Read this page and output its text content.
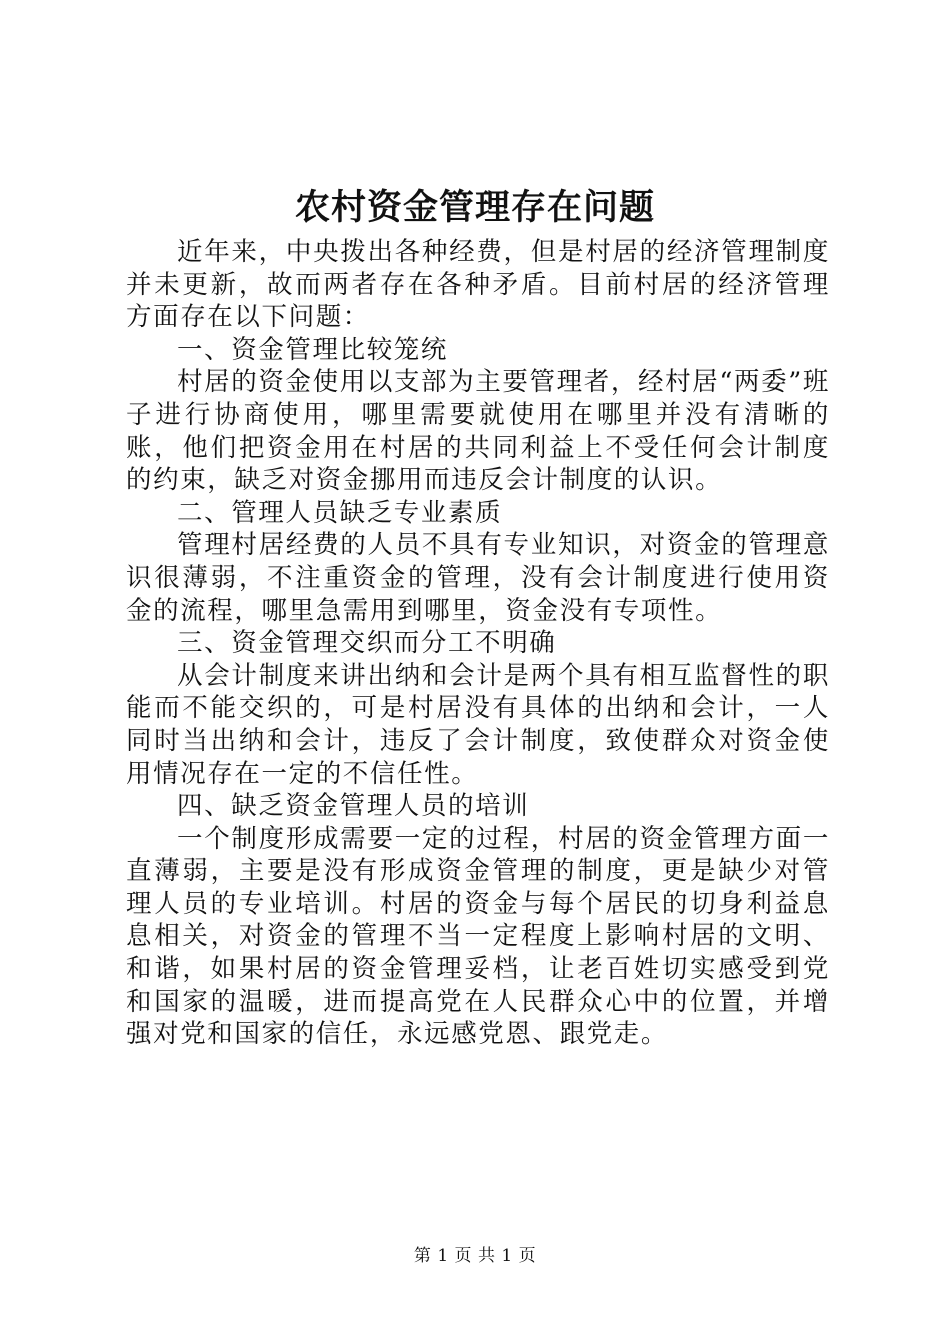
农村资金管理存在问题

近年来，中央拨出各种经费，但是村居的经济管理制度并未更新，故而两者存在各种矛盾。目前村居的经济管理方面存在以下问题：

一、资金管理比较笼统

村居的资金使用以支部为主要管理者，经村居“两委”班子进行协商使用，哪里需要就使用在哪里并没有清晰的账，他们把资金用在村居的共同利益上不受任何会计制度的约束，缺乏对资金挪用而违反会计制度的认识。

二、管理人员缺乏专业素质

管理村居经费的人员不具有专业知识，对资金的管理意识很薄弱，不注重资金的管理，没有会计制度进行使用资金的流程，哪里急需用到哪里，资金没有专项性。

三、资金管理交织而分工不明确

从会计制度来讲出纳和会计是两个具有相互监督性的职能而不能交织的，可是村居没有具体的出纳和会计，一人同时当出纳和会计，违反了会计制度，致使群众对资金使用情况存在一定的不信任性。

四、缺乏资金管理人员的培训

一个制度形成需要一定的过程，村居的资金管理方面一直薄弱，主要是没有形成资金管理的制度，更是缺少对管理人员的专业培训。村居的资金与每个居民的切身利益息息相关，对资金的管理不当一定程度上影响村居的文明、和谐，如果村居的资金管理妥档，让老百姓切实感受到党和国家的温暖，进而提高党在人民群众心中的位置，并增强对党和国家的信任，永远感党恩、跟党走。

第 1 页 共 1 页
